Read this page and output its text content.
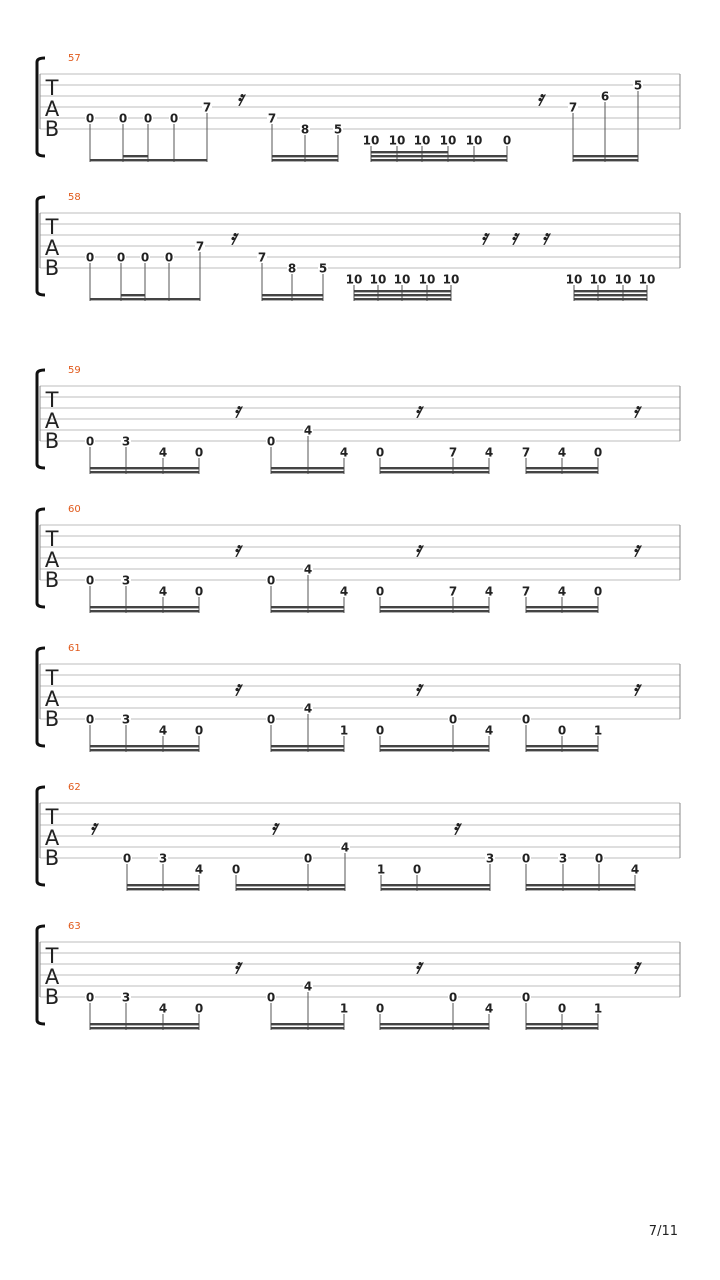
57
T
A
B
𝄿	𝄿
0 0 0 0
7
7
8 5
10 10 10 10 10 0
7
6
5
58
T
A
B
𝄿	𝄿 𝄿 𝄿
0 0 0 0
7
7
8 5
10 10 10 10 10	10 10 10 10
59
T
A
B
𝄿	𝄿	𝄿
0 3
4 0
0
4
4 0	7 4 7 4 0
60
T
A
B
𝄿	𝄿	𝄿
0 3
4 0
0
4
4 0	7 4 7 4 0
61
T
A
B
𝄿	𝄿	𝄿
0 3
4 0
0
4
1 0
0
4
0
0 1
62
T
A
B
𝄿	𝄿	𝄿
0 3
4 0
0
4
1 0
3 0 3 0
4
63
T
A
B
𝄿	𝄿	𝄿
0 3
4 0
0
4
1 0
0
4
0
0 1
7/11
